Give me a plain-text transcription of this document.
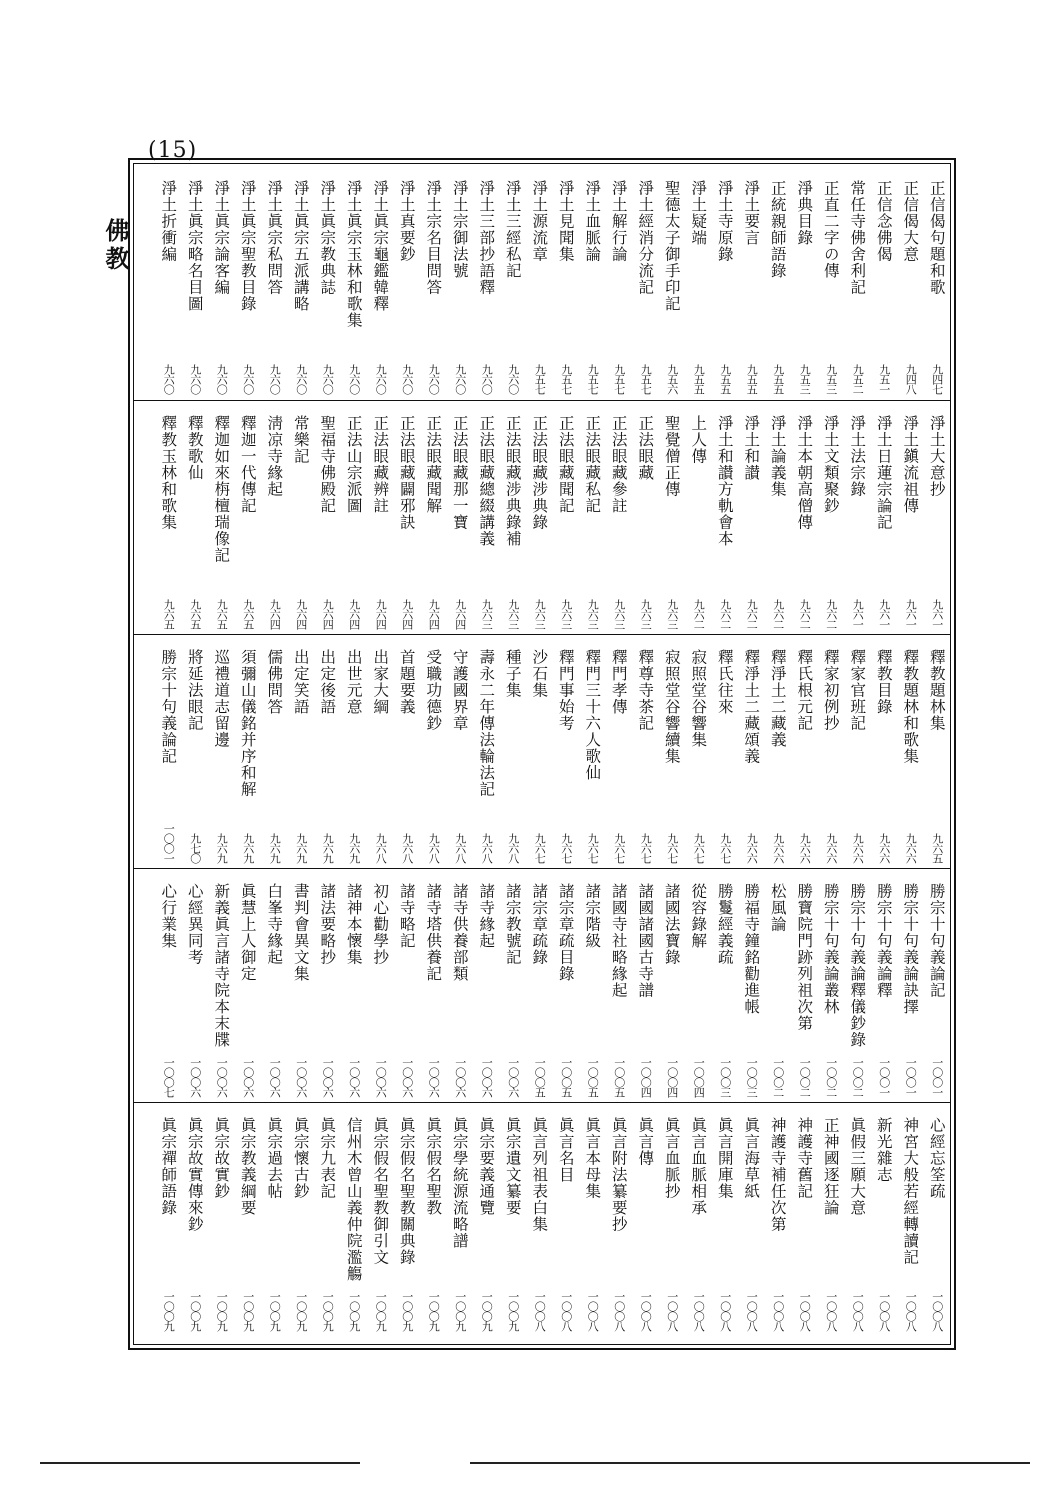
(15)
佛教	正信偈句題和歌
九四七
正信偈大意
九四八
正信念佛偈
九五一
常任寺佛舍利記
九五二
正直二字の傳
九五三
淨典目錄
九五三
正統親師語錄
九五五
淨土要言
九五五
淨土寺原錄
九五五
淨土疑端
九五五
聖德太子御手印記
九五六
淨土經消分流記
九五七
淨土解行論
九五七
淨土血脈論
九五七
淨土見聞集
九五七
淨土源流章
九五七
淨土三經私記
九六〇
淨土三部抄語釋
九六〇
淨土宗御法號
九六〇
淨土宗名目問答
九六〇
淨土真要鈔
九六〇
淨土眞宗龜鑑韓釋
九六〇
淨土眞宗玉林和歌集
九六〇
淨土眞宗教典誌
九六〇
淨土眞宗五派講略
九六〇
淨土眞宗私問答
九六〇
淨土眞宗聖教目錄
九六〇
淨土眞宗論客編
九六〇
淨土眞宗略名目圖
九六〇
淨土折衝編
九六〇
淨土大意抄
九六一
淨土鎭流祖傳
九六一
淨土日蓮宗論記
九六一
淨土法宗錄
九六一
淨土文類聚鈔
九六二
淨土本朝高僧傳
九六二
淨土論義集
九六二
淨土和讃
九六二
淨土和讃方軌會本
九六二
上人傳
九六二
聖覺僧正傳
九六三
正法眼藏
九六三
正法眼藏參註
九六三
正法眼藏私記
九六三
正法眼藏聞記
九六三
正法眼藏涉典錄
九六三
正法眼藏涉典錄補
九六三
正法眼藏總綴講義
九六三
正法眼藏那一寶
九六四
正法眼藏聞解
九六四
正法眼藏闢邪訣
九六四
正法眼藏辨註
九六四
正法山宗派圖
九六四
聖福寺佛殿記
九六四
常樂記
九六四
淸凉寺緣起
九六四
釋迦一代傳記
九六五
釋迦如來栴檀瑞像記
九六五
釋教歌仙
九六五
釋教玉林和歌集
九六五
釋教題林集
九六五
釋教題林和歌集
九六六
釋教目錄
九六六
釋家官班記
九六六
釋家初例抄
九六六
釋氏根元記
九六六
釋淨土二藏義
九六六
釋淨土二藏頌義
九六六
釋氏往來
九六七
寂照堂谷響集
九六七
寂照堂谷響續集
九六七
釋尊寺茶記
九六七
釋門孝傳
九六七
釋門三十六人歌仙
九六七
釋門事始考
九六七
沙石集
九六七
種子集
九六八
壽永二年傳法輪法記
九六八
守護國界章
九六八
受職功德鈔
九六八
首題要義
九六八
出家大綱
九六八
出世元意
九六九
出定後語
九六九
出定笑語
九六九
儒佛問答
九六九
須彌山儀銘并序和解
九六九
巡禮道志留邊
九六九
將延法眼記
九七〇
勝宗十句義論記
一〇〇一
勝宗十句義論記
一〇〇一
勝宗十句義論訣擇
一〇〇一
勝宗十句義論釋
一〇〇一
勝宗十句義論釋儀鈔錄
一〇〇二
勝宗十句義論叢林
一〇〇二
勝寶院門跡列祖次第
一〇〇二
松風論
一〇〇二
勝福寺鐘銘勸進帳
一〇〇三
勝鬘經義疏
一〇〇三
從容錄解
一〇〇四
諸國法寶錄
一〇〇四
諸國諸國古寺譜
一〇〇四
諸國寺社略緣起
一〇〇五
諸宗階級
一〇〇五
諸宗章疏目錄
一〇〇五
諸宗章疏錄
一〇〇五
諸宗教號記
一〇〇六
諸寺緣起
一〇〇六
諸寺供養部類
一〇〇六
諸寺塔供養記
一〇〇六
諸寺略記
一〇〇六
初心勸學抄
一〇〇六
諸神本懷集
一〇〇六
諸法要略抄
一〇〇六
書判會異文集
一〇〇六
白峯寺緣起
一〇〇六
眞慧上人御定
一〇〇六
新義眞言諸寺院本末牒
一〇〇六
心經異同考
一〇〇六
心行業集
一〇〇七
心經忘筌疏
一〇〇八
神宮大般若經轉讀記
一〇〇八
新光雜志
一〇〇八
眞假三願大意
一〇〇八
正神國逐狂論
一〇〇八
神護寺舊記
一〇〇八
神護寺補任次第
一〇〇八
眞言海草紙
一〇〇八
眞言開庫集
一〇〇八
眞言血脈相承
一〇〇八
眞言血脈抄
一〇〇八
眞言傳
一〇〇八
眞言附法纂要抄
一〇〇八
眞言本母集
一〇〇八
眞言名目
一〇〇八
眞言列祖表白集
一〇〇八
眞宗遺文纂要
一〇〇九
眞宗要義通覽
一〇〇九
眞宗學統源流略譜
一〇〇九
眞宗假名聖教
一〇〇九
眞宗假名聖教關典錄
一〇〇九
眞宗假名聖教御引文
一〇〇九
信州木曾山義仲院濫觴
一〇〇九
眞宗九表記
一〇〇九
眞宗懷古鈔
一〇〇九
眞宗過去帖
一〇〇九
眞宗教義綱要
一〇〇九
眞宗故實鈔
一〇〇九
眞宗故實傳來鈔
一〇〇九
眞宗禪師語錄
一〇〇九
